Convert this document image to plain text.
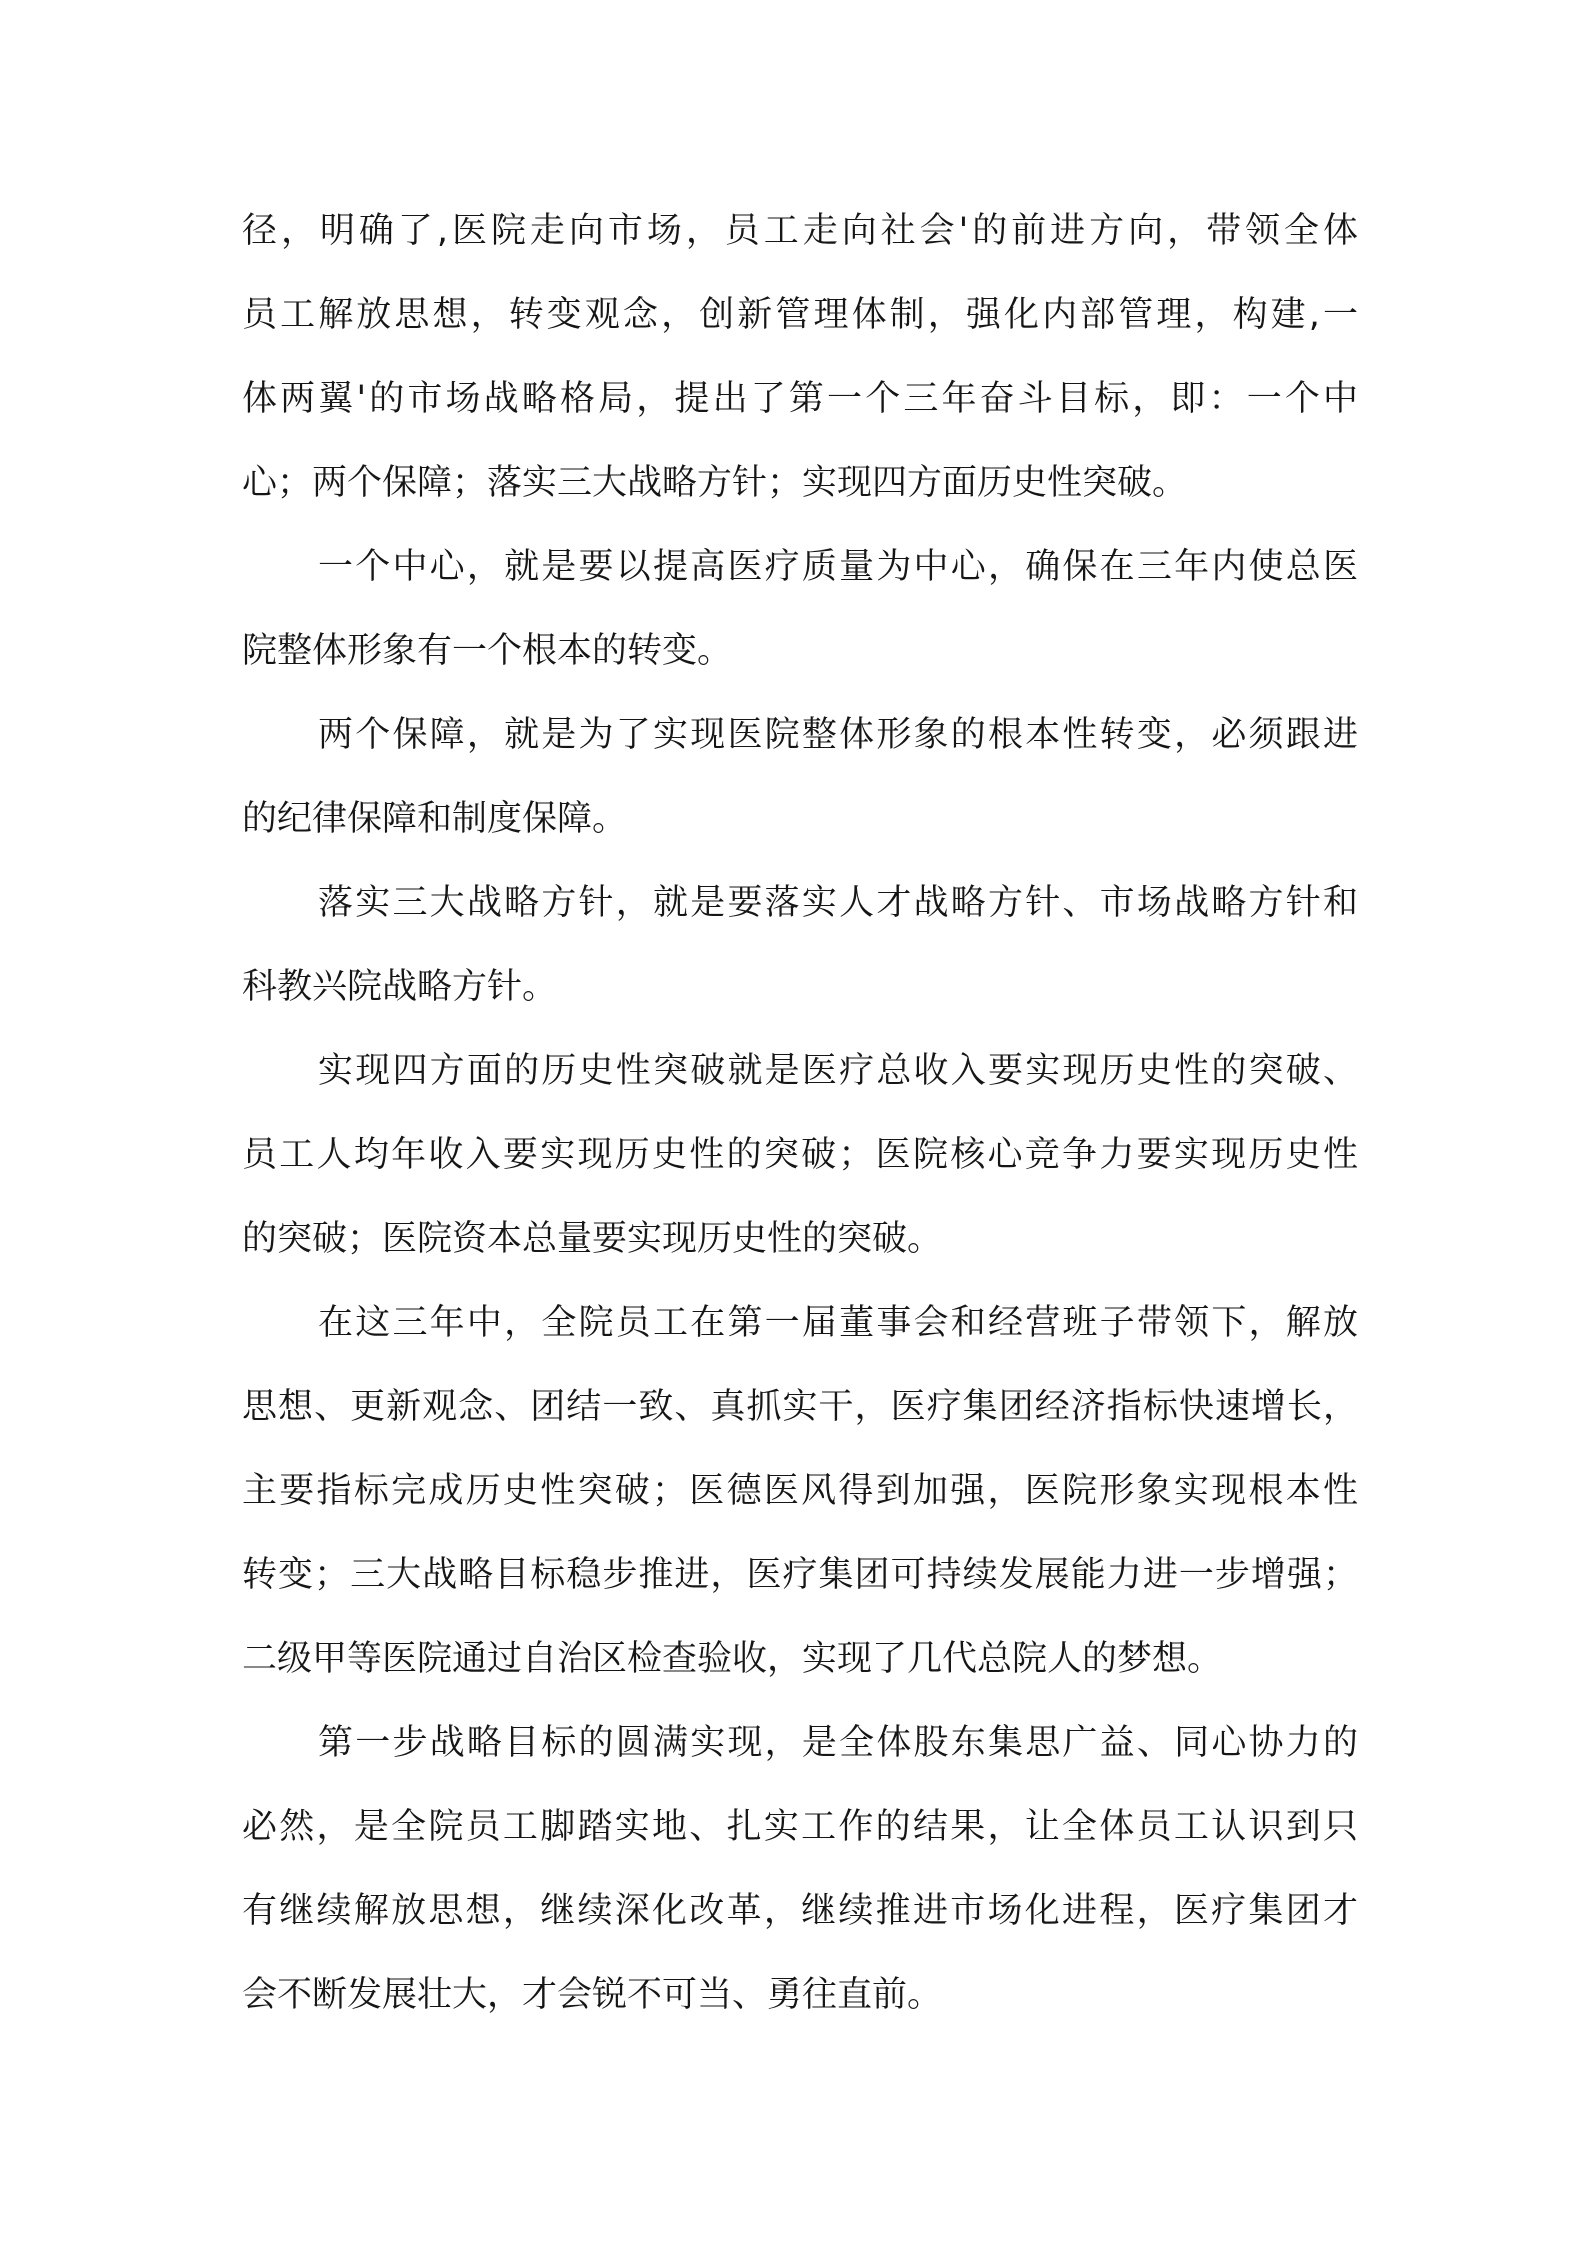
径，明确了,医院走向市场，员工走向社会'的前进方向，带领全体
员工解放思想，转变观念，创新管理体制，强化内部管理，构建,一
体两翼'的市场战略格局，提出了第一个三年奋斗目标，即：一个中
心；两个保障；落实三大战略方针；实现四方面历史性突破。
一个中心，就是要以提高医疗质量为中心，确保在三年内使总医
院整体形象有一个根本的转变。
两个保障，就是为了实现医院整体形象的根本性转变，必须跟进
的纪律保障和制度保障。
落实三大战略方针，就是要落实人才战略方针、市场战略方针和
科教兴院战略方针。
实现四方面的历史性突破就是医疗总收入要实现历史性的突破、
员工人均年收入要实现历史性的突破；医院核心竞争力要实现历史性
的突破；医院资本总量要实现历史性的突破。
在这三年中，全院员工在第一届董事会和经营班子带领下，解放
思想、更新观念、团结一致、真抓实干，医疗集团经济指标快速增长，
主要指标完成历史性突破；医德医风得到加强，医院形象实现根本性
转变；三大战略目标稳步推进，医疗集团可持续发展能力进一步增强；
二级甲等医院通过自治区检查验收，实现了几代总院人的梦想。
第一步战略目标的圆满实现，是全体股东集思广益、同心协力的
必然，是全院员工脚踏实地、扎实工作的结果，让全体员工认识到只
有继续解放思想，继续深化改革，继续推进市场化进程，医疗集团才
会不断发展壮大，才会锐不可当、勇往直前。
